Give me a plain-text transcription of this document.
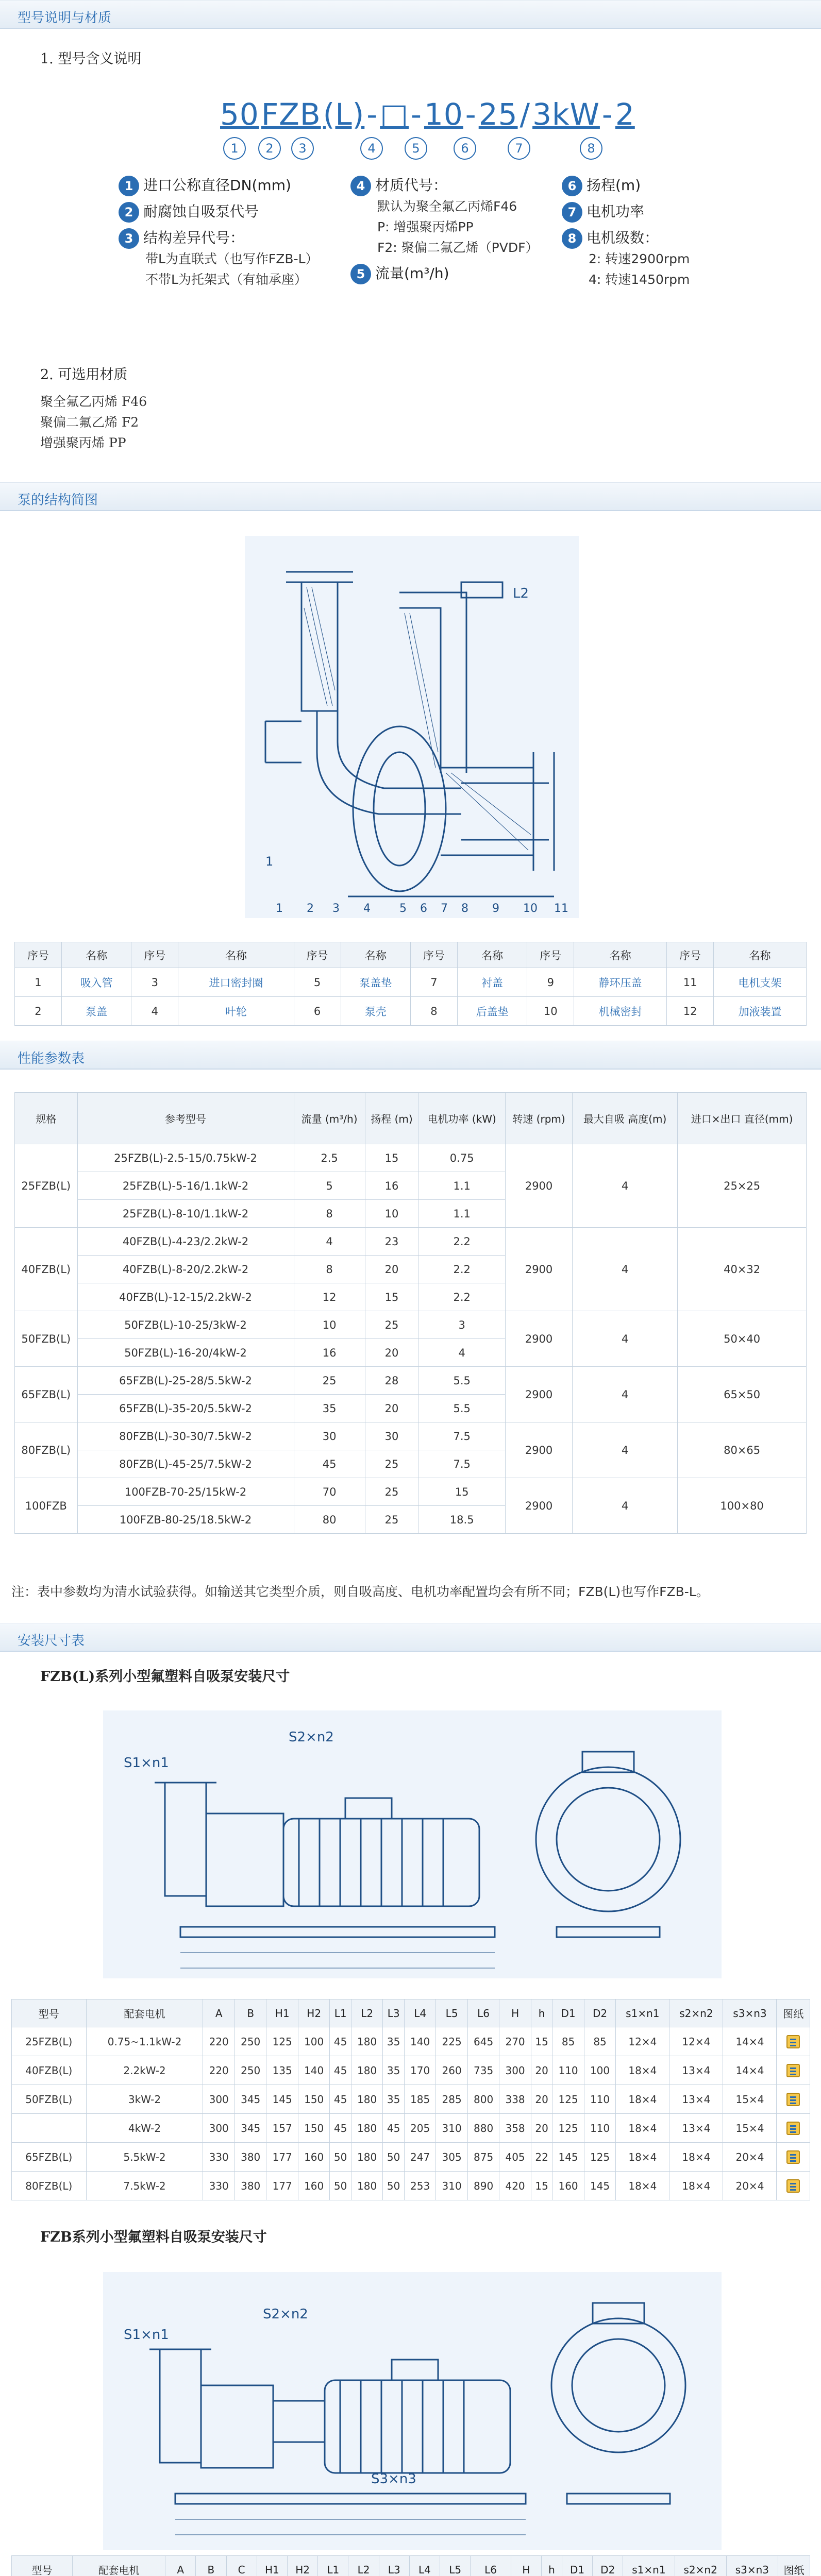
型号说明与材质
1. 型号含义说明
50FZB(L)-□-10-25/3kW-2
1	2	3	4	5	6	7	8
1 进口公称直径DN(mm)
2 耐腐蚀自吸泵代号
3 结构差异代号：
带L为直联式（也写作FZB-L）
不带L为托架式（有轴承座）
4 材质代号：
默认为聚全氟乙丙烯F46
P: 增强聚丙烯PP
F2: 聚偏二氟乙烯（PVDF）
5 流量(m³/h)
6 扬程(m)
7 电机功率
8 电机级数：
2: 转速2900rpm
4: 转速1450rpm
2. 可选用材质
聚全氟乙丙烯 F46
聚偏二氟乙烯 F2
增强聚丙烯 PP
泵的结构简图
L2
1
1 2 3 4	5 6 7 8 9 10 11
序号	名称	序号	名称	序号	名称	序号	名称	序号	名称	序号	名称
1	吸入管	3	进口密封圈	5	泵盖垫	7	衬盖	9	静环压盖	11	电机支架
2	泵盖	4	叶轮	6	泵壳	8	后盖垫	10	机械密封	12	加液装置
性能参数表
规格	参考型号	流量 (m³/h)	扬程 (m)	电机功率 (kW)	转速 (rpm)	最大自吸 高度(m)	进口×出口 直径(mm)
25FZB(L)	25FZB(L)-2.5-15/0.75kW-2	2.5	15	0.75	2900	4	25×25
	25FZB(L)-5-16/1.1kW-2	5	16	1.1			
	25FZB(L)-8-10/1.1kW-2	8	10	1.1			
40FZB(L)	40FZB(L)-4-23/2.2kW-2	4	23	2.2	2900	4	40×32
	40FZB(L)-8-20/2.2kW-2	8	20	2.2			
	40FZB(L)-12-15/2.2kW-2	12	15	2.2			
50FZB(L)	50FZB(L)-10-25/3kW-2	10	25	3	2900	4	50×40
	50FZB(L)-16-20/4kW-2	16	20	4			
65FZB(L)	65FZB(L)-25-28/5.5kW-2	25	28	5.5	2900	4	65×50
	65FZB(L)-35-20/5.5kW-2	35	20	5.5			
80FZB(L)	80FZB(L)-30-30/7.5kW-2	30	30	7.5	2900	4	80×65
	80FZB(L)-45-25/7.5kW-2	45	25	7.5			
100FZB	100FZB-70-25/15kW-2	70	25	15	2900	4	100×80
	100FZB-80-25/18.5kW-2	80	25	18.5			
注：表中参数均为清水试验获得。如输送其它类型介质，则自吸高度、电机功率配置均会有所不同；FZB(L)也写作FZB-L。
安装尺寸表
FZB(L)系列小型氟塑料自吸泵安装尺寸
S1×n1
S2×n2
型号	配套电机	A	B	H1	H2	L1	L2	L3	L4	L5	L6	H	h	D1	D2	s1×n1	s2×n2	s3×n3	图纸
25FZB(L)	0.75~1.1kW-2	220	250	125	100	45	180	35	140	225	645	270	15	85	85	12×4	12×4	14×4	
40FZB(L)	2.2kW-2	220	250	135	140	45	180	35	170	260	735	300	20	110	100	18×4	13×4	14×4	
50FZB(L)	3kW-2	300	345	145	150	45	180	35	185	285	800	338	20	125	110	18×4	13×4	15×4	
	4kW-2	300	345	157	150	45	180	45	205	310	880	358	20	125	110	18×4	13×4	15×4	
65FZB(L)	5.5kW-2	330	380	177	160	50	180	50	247	305	875	405	22	145	125	18×4	18×4	20×4	
80FZB(L)	7.5kW-2	330	380	177	160	50	180	50	253	310	890	420	15	160	145	18×4	18×4	20×4	
FZB系列小型氟塑料自吸泵安装尺寸
S1×n1
S2×n2
S3×n3
型号	配套电机	A	B	C	H1	H2	L1	L2	L3	L4	L5	L6	H	h	D1	D2	s1×n1	s2×n2	s3×n3	图纸
